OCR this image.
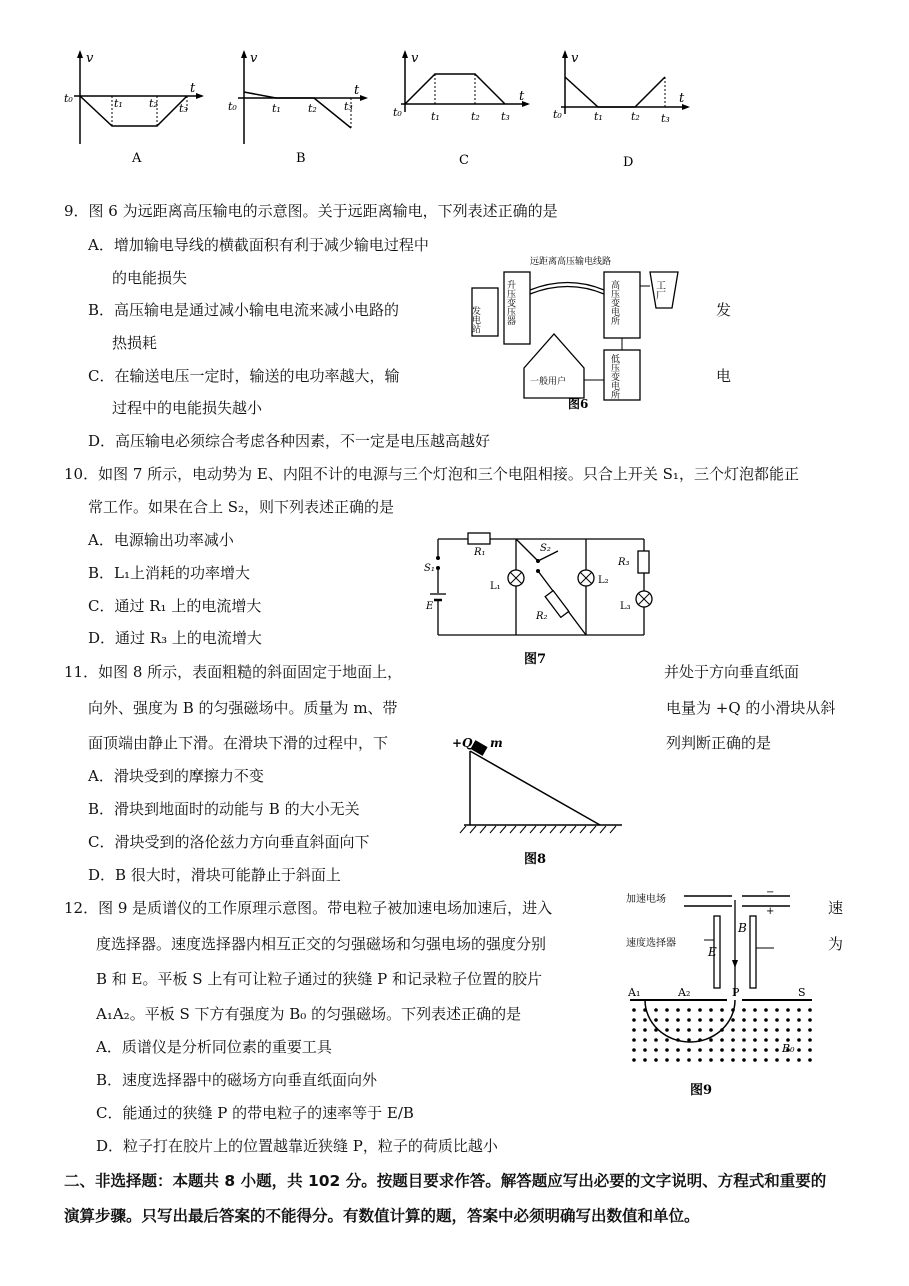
v
t
t₀	t₁ t₂ t₃
A
v
t
t₀	t₁ t₂ t₃
B
v
t
t₀	t₁	t₂ t₃
C
v
t
t₀	t₁	t₂ t₃
D
9．图 6 为远距离高压输电的示意图。关于远距离输电，下列表述正确的是
A．增加输电导线的横截面积有利于减少输电过程中
的电能损失
B．高压输电是通过减小输电电流来减小电路的	发
热损耗
C．在输送电压一定时，输送的电功率越大，输	电
过程中的电能损失越小
D．高压输电必须综合考虑各种因素，不一定是电压越高越好
发电站	升压变压器
远距离高压输电线路
高压变电所	工厂
低压变电所
一般用户
图6
10．如图 7 所示，电动势为 E、内阻不计的电源与三个灯泡和三个电阻相接。只合上开关 S₁，三个灯泡都能正
常工作。如果在合上 S₂，则下列表述正确的是
A．电源输出功率减小
B．L₁上消耗的功率增大
C．通过 R₁ 上的电流增大
D．通过 R₃ 上的电流增大
R₁
S₁
E
L₁
S₂
R₂
L₂
R₃
L₃
图7
11．如图 8 所示，表面粗糙的斜面固定于地面上，	并处于方向垂直纸面
向外、强度为 B 的匀强磁场中。质量为 m、带	电量为 +Q 的小滑块从斜
面顶端由静止下滑。在滑块下滑的过程中，下	列判断正确的是
A．滑块受到的摩擦力不变
B．滑块到地面时的动能与 B 的大小无关
C．滑块受到的洛伦兹力方向垂直斜面向下
D．B 很大时，滑块可能静止于斜面上
+Q m
图8
12．图 9 是质谱仪的工作原理示意图。带电粒子被加速电场加速后，进入	速
度选择器。速度选择器内相互正交的匀强磁场和匀强电场的强度分别	为
B 和 E。平板 S 上有可让粒子通过的狭缝 P 和记录粒子位置的胶片
A₁A₂。平板 S 下方有强度为 B₀ 的匀强磁场。下列表述正确的是
A．质谱仪是分析同位素的重要工具
B．速度选择器中的磁场方向垂直纸面向外
C．能通过的狭缝 P 的带电粒子的速率等于 E/B
D．粒子打在胶片上的位置越靠近狭缝 P，粒子的荷质比越小
加速电场
−
+
速度选择器
E
B
A₁	A₂	P	S
B₀
图9
二、非选择题：本题共 8 小题，共 102 分。按题目要求作答。解答题应写出必要的文字说明、方程式和重要的
演算步骤。只写出最后答案的不能得分。有数值计算的题，答案中必须明确写出数值和单位。
